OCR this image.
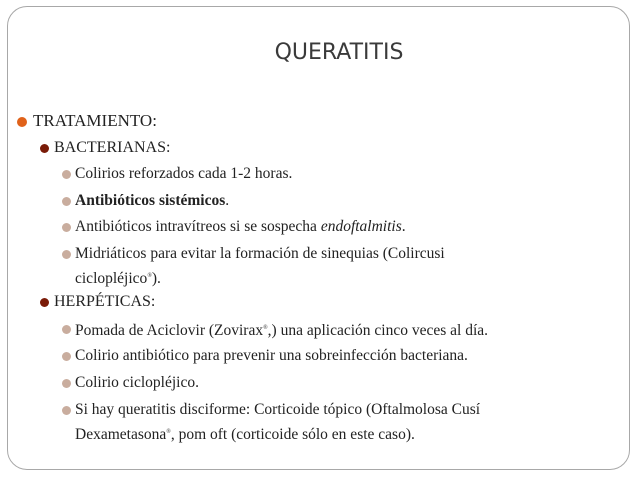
QUERATITIS
TRATAMIENTO:
BACTERIANAS:
Colirios reforzados cada 1-2 horas.
Antibióticos sistémicos.
Antibióticos intravítreos si se sospecha endoftalmitis.
Midriáticos para evitar la formación de sinequias (Colircusi
ciclopléjico®).
HERPÉTICAS:
Pomada de Aciclovir (Zovirax®,) una aplicación cinco veces al día.
Colirio antibiótico para prevenir una sobreinfección bacteriana.
Colirio ciclopléjico.
Si hay queratitis disciforme: Corticoide tópico (Oftalmolosa Cusí
Dexametasona®, pom oft (corticoide sólo en este caso).
